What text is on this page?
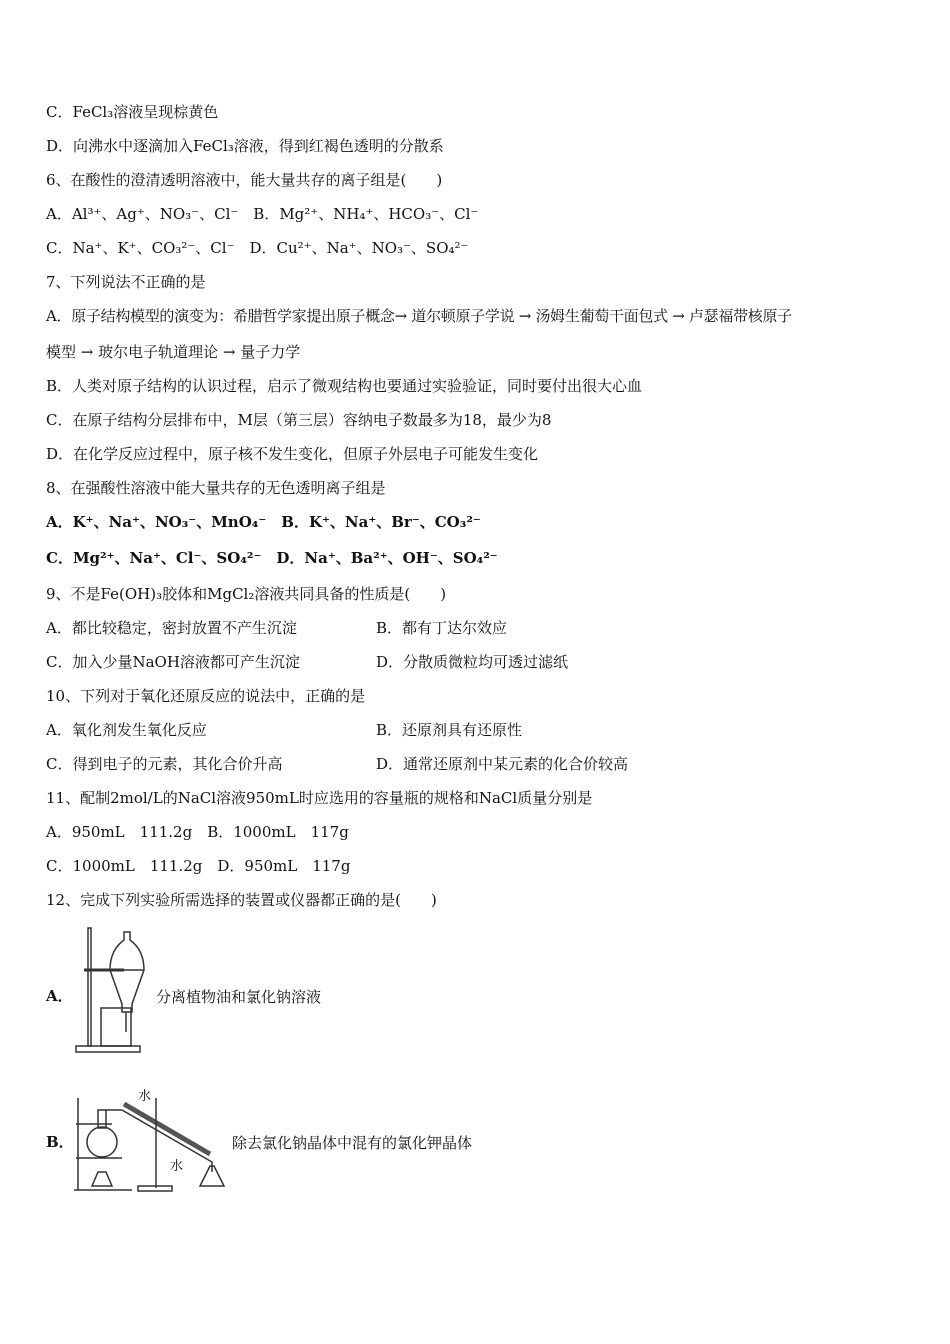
C．FeCl₃溶液呈现棕黄色
D．向沸水中逐滴加入FeCl₃溶液，得到红褐色透明的分散系
6、在酸性的澄清透明溶液中，能大量共存的离子组是(　　)
A．Al³⁺、Ag⁺、NO₃⁻、Cl⁻　B．Mg²⁺、NH₄⁺、HCO₃⁻、Cl⁻
C．Na⁺、K⁺、CO₃²⁻、Cl⁻　D．Cu²⁺、Na⁺、NO₃⁻、SO₄²⁻
7、下列说法不正确的是
A．原子结构模型的演变为：希腊哲学家提出原子概念→ 道尔顿原子学说 → 汤姆生葡萄干面包式 → 卢瑟福带核原子
模型 → 玻尔电子轨道理论 → 量子力学
B．人类对原子结构的认识过程，启示了微观结构也要通过实验验证，同时要付出很大心血
C．在原子结构分层排布中，M层（第三层）容纳电子数最多为18，最少为8
D．在化学反应过程中，原子核不发生变化，但原子外层电子可能发生变化
8、在强酸性溶液中能大量共存的无色透明离子组是
A．K⁺、Na⁺、NO₃⁻、MnO₄⁻　B．K⁺、Na⁺、Br⁻、CO₃²⁻
C．Mg²⁺、Na⁺、Cl⁻、SO₄²⁻　D．Na⁺、Ba²⁺、OH⁻、SO₄²⁻
9、不是Fe(OH)₃胶体和MgCl₂溶液共同具备的性质是(　　)
A．都比较稳定，密封放置不产生沉淀	B．都有丁达尔效应
C．加入少量NaOH溶液都可产生沉淀	D．分散质微粒均可透过滤纸
10、下列对于氧化还原反应的说法中，正确的是
A．氧化剂发生氧化反应	B．还原剂具有还原性
C．得到电子的元素，其化合价升高	D．通常还原剂中某元素的化合价较高
11、配制2mol/L的NaCl溶液950mL时应选用的容量瓶的规格和NaCl质量分别是
A．950mL　111.2g　B．1000mL　117g
C．1000mL　111.2g　D．950mL　117g
12、完成下列实验所需选择的装置或仪器都正确的是(　　)
A．	分离植物油和氯化钠溶液
B．
水
水
除去氯化钠晶体中混有的氯化钾晶体
